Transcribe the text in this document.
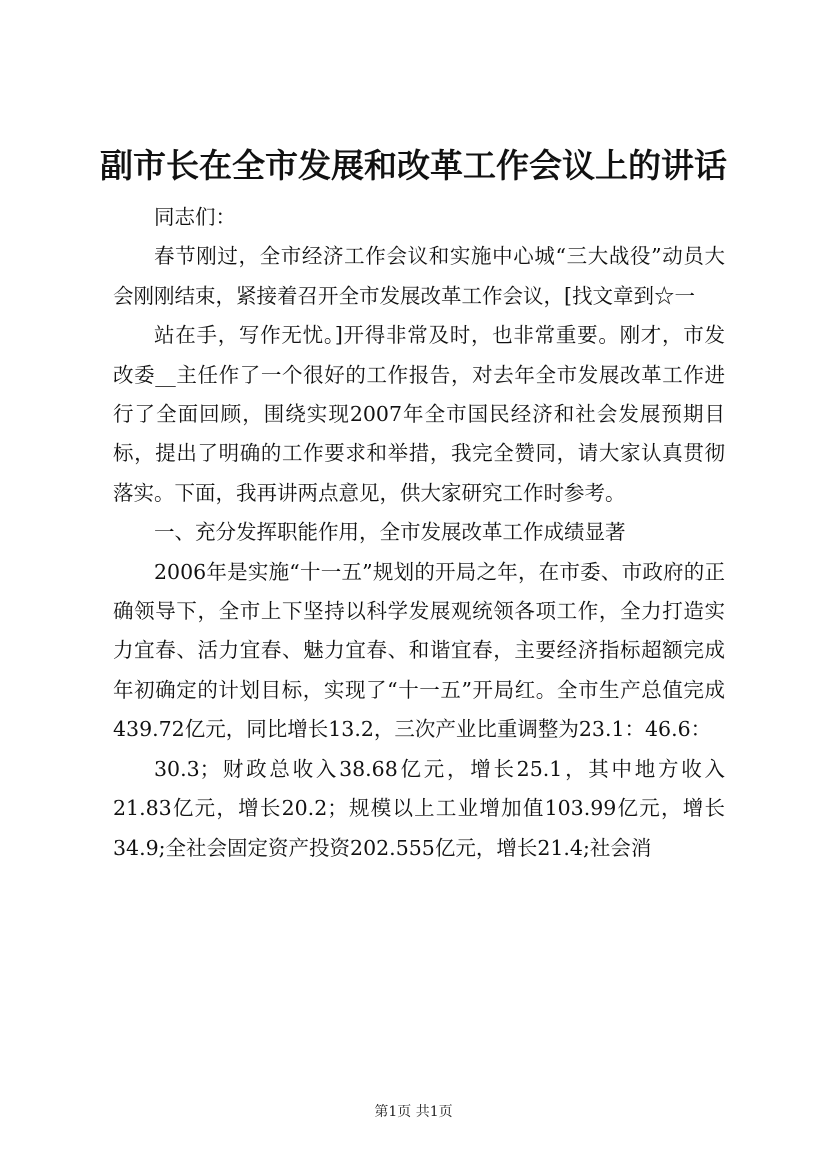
副市长在全市发展和改革工作会议上的讲话

同志们：

春节刚过，全市经济工作会议和实施中心城“三大战役”动员大会刚刚结束，紧接着召开全市发展改革工作会议，[找文章到☆一

站在手，写作无忧。]开得非常及时，也非常重要。刚才，市发改委__主任作了一个很好的工作报告，对去年全市发展改革工作进行了全面回顾，围绕实现2007年全市国民经济和社会发展预期目标，提出了明确的工作要求和举措，我完全赞同，请大家认真贯彻落实。下面，我再讲两点意见，供大家研究工作时参考。

一、充分发挥职能作用，全市发展改革工作成绩显著

2006年是实施“十一五”规划的开局之年，在市委、市政府的正确领导下，全市上下坚持以科学发展观统领各项工作，全力打造实力宜春、活力宜春、魅力宜春、和谐宜春，主要经济指标超额完成年初确定的计划目标，实现了“十一五”开局红。全市生产总值完成439.72亿元，同比增长13.2，三次产业比重调整为23.1：46.6：

30.3；财政总收入38.68亿元，增长25.1，其中地方收入21.83亿元，增长20.2；规模以上工业增加值103.99亿元，增长34.9;全社会固定资产投资202.555亿元，增长21.4;社会消

第1页 共1页
